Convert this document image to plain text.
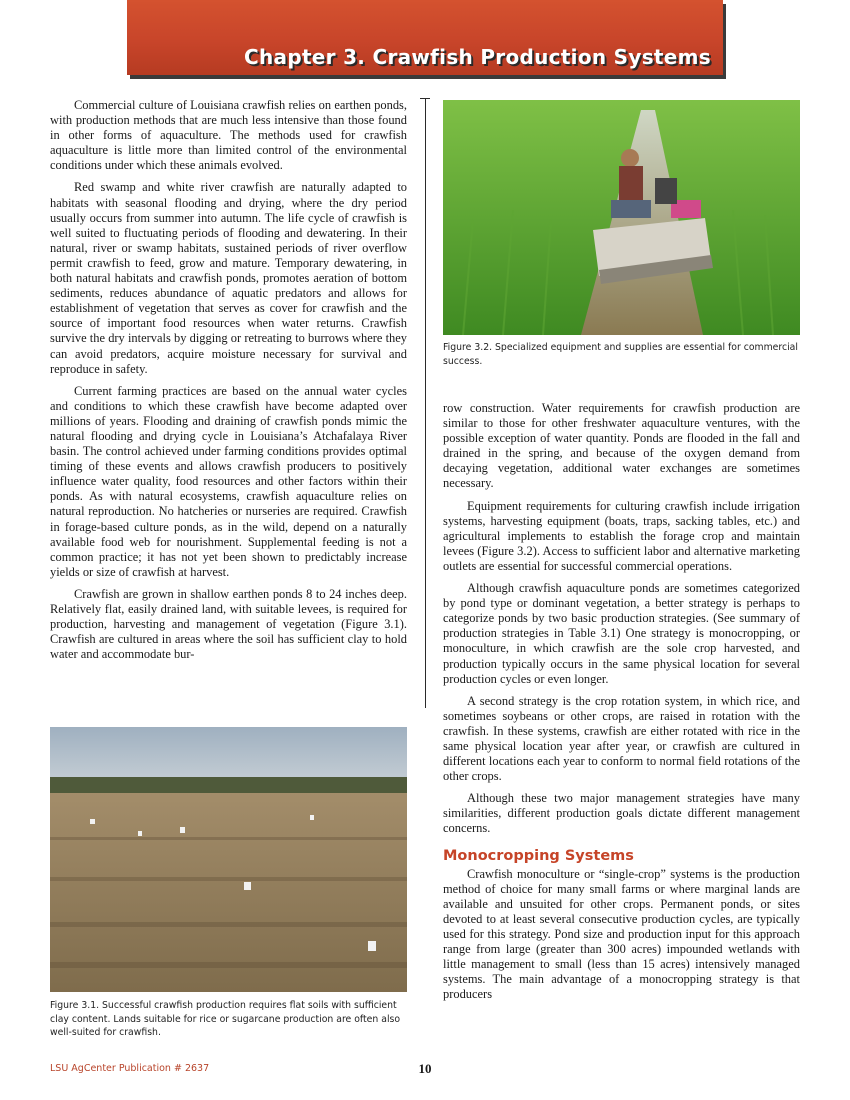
Chapter 3. Crawfish Production Systems

Commercial culture of Louisiana crawfish relies on earthen ponds, with production methods that are much less intensive than those found in other forms of aquaculture. The methods used for crawfish aquaculture is little more than limited control of the environmental conditions under which these animals evolved.

Red swamp and white river crawfish are naturally adapted to habitats with seasonal flooding and drying, where the dry period usually occurs from summer into autumn. The life cycle of crawfish is well suited to fluctuating periods of flooding and dewatering. In their natural, river or swamp habitats, sustained periods of river overflow permit crawfish to feed, grow and mature. Temporary dewatering, in both natural habitats and crawfish ponds, promotes aeration of bottom sediments, reduces abundance of aquatic predators and allows for establishment of vegetation that serves as cover for crawfish and the source of important food resources when water returns. Crawfish survive the dry intervals by digging or retreating to burrows where they can avoid predators, acquire moisture necessary for survival and reproduce in safety.

Current farming practices are based on the annual water cycles and conditions to which these crawfish have become adapted over millions of years. Flooding and draining of crawfish ponds mimic the natural flooding and drying cycle in Louisiana’s Atchafalaya River basin. The control achieved under farming conditions provides optimal timing of these events and allows crawfish producers to positively influence water quality, food resources and other factors within their ponds. As with natural ecosystems, crawfish aquaculture relies on natural reproduction. No hatcheries or nurseries are required. Crawfish in forage-based culture ponds, as in the wild, depend on a naturally available food web for nourishment. Supplemental feeding is not a common practice; it has not yet been shown to predictably increase yields or size of crawfish at harvest.

Crawfish are grown in shallow earthen ponds 8 to 24 inches deep. Relatively flat, easily drained land, with suitable levees, is required for production, harvesting and management of vegetation (Figure 3.1). Crawfish are cultured in areas where the soil has sufficient clay to hold water and accommodate bur-

Figure 3.2. Specialized equipment and supplies are essential for commercial success.

row construction. Water requirements for crawfish production are similar to those for other freshwater aquaculture ventures, with the possible exception of water quantity. Ponds are flooded in the fall and drained in the spring, and because of the oxygen demand from decaying vegetation, additional water exchanges are sometimes necessary.

Equipment requirements for culturing crawfish include irrigation systems, harvesting equipment (boats, traps, sacking tables, etc.) and agricultural implements to establish the forage crop and maintain levees (Figure 3.2). Access to sufficient labor and alternative marketing outlets are essential for successful commercial operations.

Although crawfish aquaculture ponds are sometimes categorized by pond type or dominant vegetation, a better strategy is perhaps to categorize ponds by two basic production strategies. (See summary of production strategies in Table 3.1) One strategy is monocropping, or monoculture, in which crawfish are the sole crop harvested, and production typically occurs in the same physical location for several production cycles or even longer.

A second strategy is the crop rotation system, in which rice, and sometimes soybeans or other crops, are raised in rotation with the crawfish. In these systems, crawfish are either rotated with rice in the same physical location year after year, or crawfish are cultured in different locations each year to conform to normal field rotations of the other crops.

Although these two major management strategies have many similarities, different production goals dictate different management concerns.

Monocropping Systems

Crawfish monoculture or “single-crop” systems is the production method of choice for many small farms or where marginal lands are available and unsuited for other crops. Permanent ponds, or sites devoted to at least several consecutive production cycles, are typically used for this strategy. Pond size and production input for this approach range from large (greater than 300 acres) impounded wetlands with little management to small (less than 15 acres) intensively managed systems. The main advantage of a monocropping strategy is that producers

Figure 3.1. Successful crawfish production requires flat soils with sufficient clay content. Lands suitable for rice or sugarcane production are often also well-suited for crawfish.

LSU AgCenter Publication # 2637	10
